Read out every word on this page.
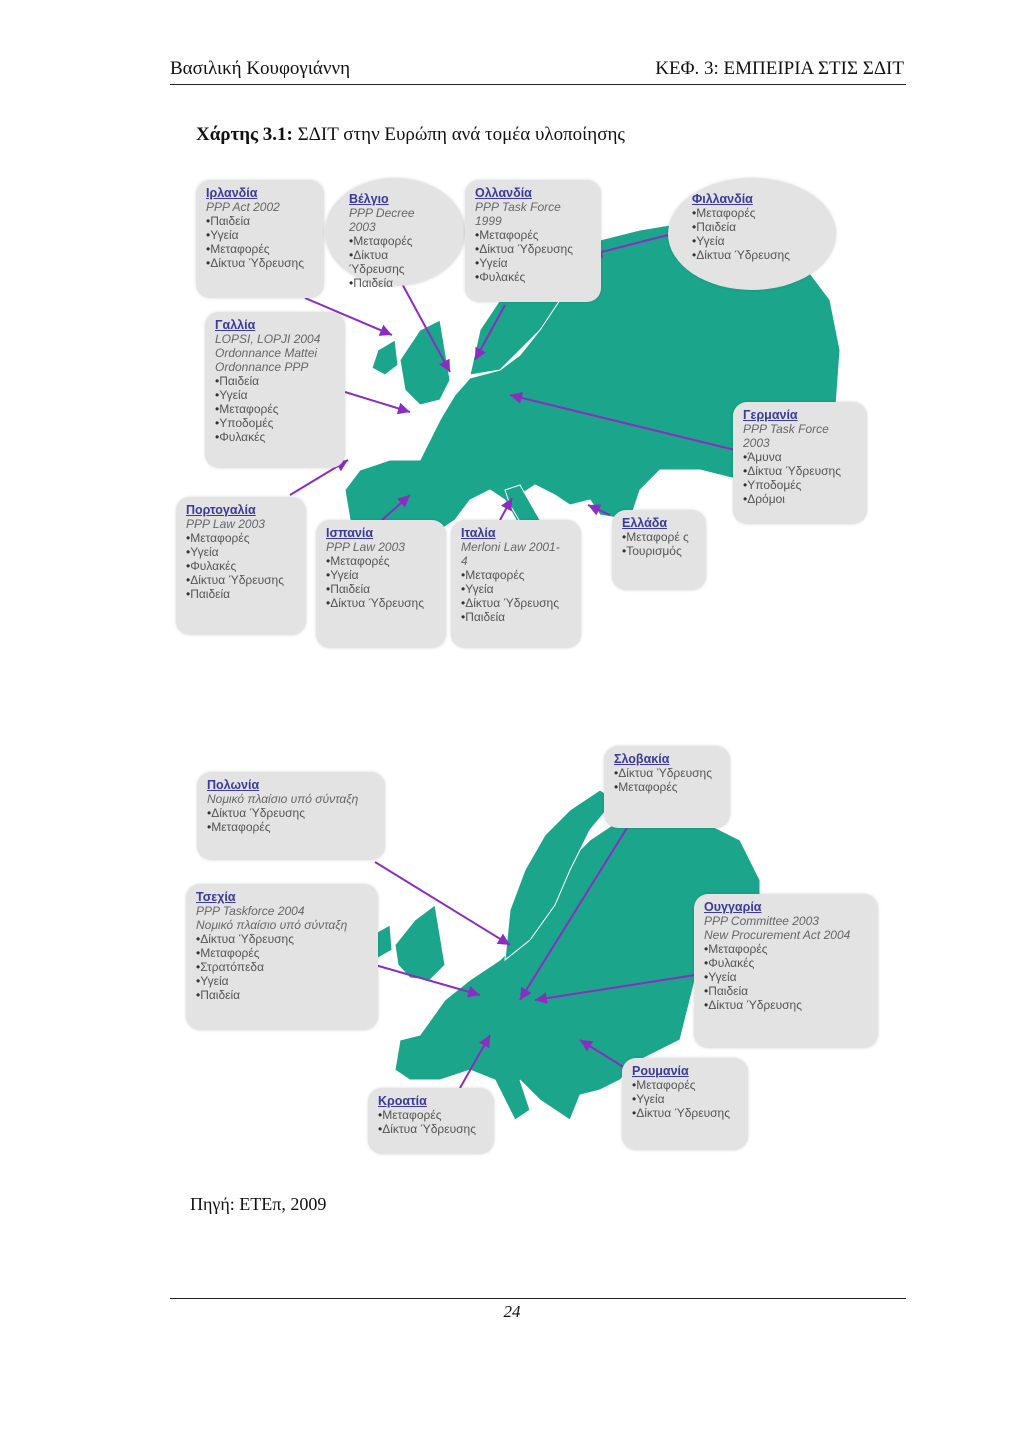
Βασιλική Κουφογιάννη	ΚΕΦ. 3: ΕΜΠΕΙΡΙΑ ΣΤΙΣ ΣΔΙΤ
Χάρτης 3.1: ΣΔΙΤ στην Ευρώπη ανά τομέα υλοποίησης
Ιρλανδία
PPP Act 2002
• Παιδεία
• Υγεία
• Μεταφορές
• Δίκτυα Ύδρευσης
Βέλγιο
PPP Decree 2003
• Μεταφορές
• Δίκτυα Ύδρευσης
• Παιδεία
Ολλανδία
PPP Task Force
1999
• Μεταφορές
• Δίκτυα Ύδρευσης
• Υγεία
• Φυλακές
Φιλλανδία
• Μεταφορές
• Παιδεία
• Υγεία
• Δίκτυα Ύδρευσης
Γαλλία
LOPSI, LOPJI 2004
Ordonnance Mattei
Ordonnance PPP
• Παιδεία
• Υγεία
• Μεταφορές
• Υποδομές
• Φυλακές
Γερμανία
PPP Task Force
2003
• Άμυνα
• Δίκτυα Ύδρευσης
• Υποδομές
• Δρόμοι
Πορτογαλία
PPP Law 2003
• Μεταφορές
• Υγεία
• Φυλακές
• Δίκτυα Ύδρευσης
• Παιδεία
Ισπανία
PPP Law 2003
• Μεταφορές
• Υγεία
• Παιδεία
• Δίκτυα Ύδρευσης
Ιταλία
Merloni Law 2001-
4
• Μεταφορές
• Υγεία
• Δίκτυα Ύδρευσης
• Παιδεία
Ελλάδα
• Μεταφορέ ς
• Τουρισμός
Πολωνία
Νομικό πλαίσιο υπό σύνταξη
• Δίκτυα Ύδρευσης
• Μεταφορές
Σλοβακία
• Δίκτυα Ύδρευσης
• Μεταφορές
Τσεχία
PPP Taskforce 2004
Νομικό πλαίσιο υπό σύνταξη
• Δίκτυα Ύδρευσης
• Μεταφορές
• Στρατόπεδα
• Υγεία
• Παιδεία
Ουγγαρία
PPP Committee 2003
New Procurement Act 2004
• Μεταφορές
• Φυλακές
• Υγεία
• Παιδεία
• Δίκτυα Ύδρευσης
Κροατία
• Μεταφορές
• Δίκτυα Ύδρευσης
Ρουμανία
• Μεταφορές
• Υγεία
• Δίκτυα Ύδρευσης
Πηγή: ΕΤΕπ, 2009
24
